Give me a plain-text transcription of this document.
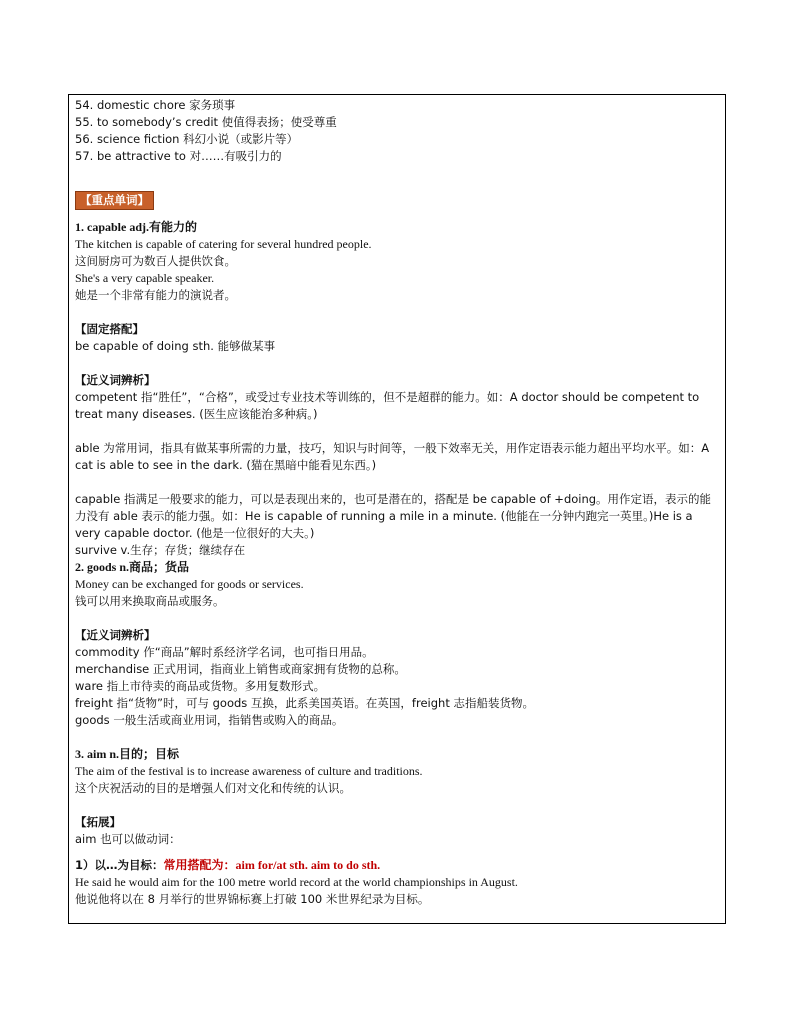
54. domestic chore 家务琐事
55. to somebody’s credit 使值得表扬；使受尊重
56. science fiction 科幻小说（或影片等）
57. be attractive to 对……有吸引力的
【重点单词】
1. capable adj.有能力的
The kitchen is capable of catering for several hundred people.
这间厨房可为数百人提供饮食。
She's a very capable speaker.
她是一个非常有能力的演说者。
【固定搭配】
be capable of doing sth. 能够做某事
【近义词辨析】
competent 指“胜任”，“合格”，或受过专业技术等训练的，但不是超群的能力。如：A doctor should be competent to treat many diseases. (医生应该能治多种病。)
able 为常用词，指具有做某事所需的力量，技巧，知识与时间等，一般下效率无关，用作定语表示能力超出平均水平。如：A cat is able to see in the dark. (猫在黑暗中能看见东西。)
capable 指满足一般要求的能力，可以是表现出来的，也可是潜在的，搭配是 be capable of +doing。用作定语，表示的能力没有 able 表示的能力强。如：He is capable of running a mile in a minute. (他能在一分钟内跑完一英里。)He is a very capable doctor. (他是一位很好的大夫。)
survive v.生存；存货；继续存在
2. goods n.商品；货品
Money can be exchanged for goods or services.
钱可以用来换取商品或服务。
【近义词辨析】
commodity 作“商品”解时系经济学名词，也可指日用品。
merchandise 正式用词，指商业上销售或商家拥有货物的总称。
ware 指上市待卖的商品或货物。多用复数形式。
freight 指“货物”时，可与 goods 互换，此系美国英语。在英国，freight 志指船装货物。
goods 一般生活或商业用词，指销售或购入的商品。
3. aim n.目的；目标
The aim of the festival is to increase awareness of culture and traditions.
这个庆祝活动的目的是增强人们对文化和传统的认识。
【拓展】
aim 也可以做动词：
1）以…为目标：常用搭配为：aim for/at sth. aim to do sth.
He said he would aim for the 100 metre world record at the world championships in August.
他说他将以在 8 月举行的世界锦标赛上打破 100 米世界纪录为目标。
